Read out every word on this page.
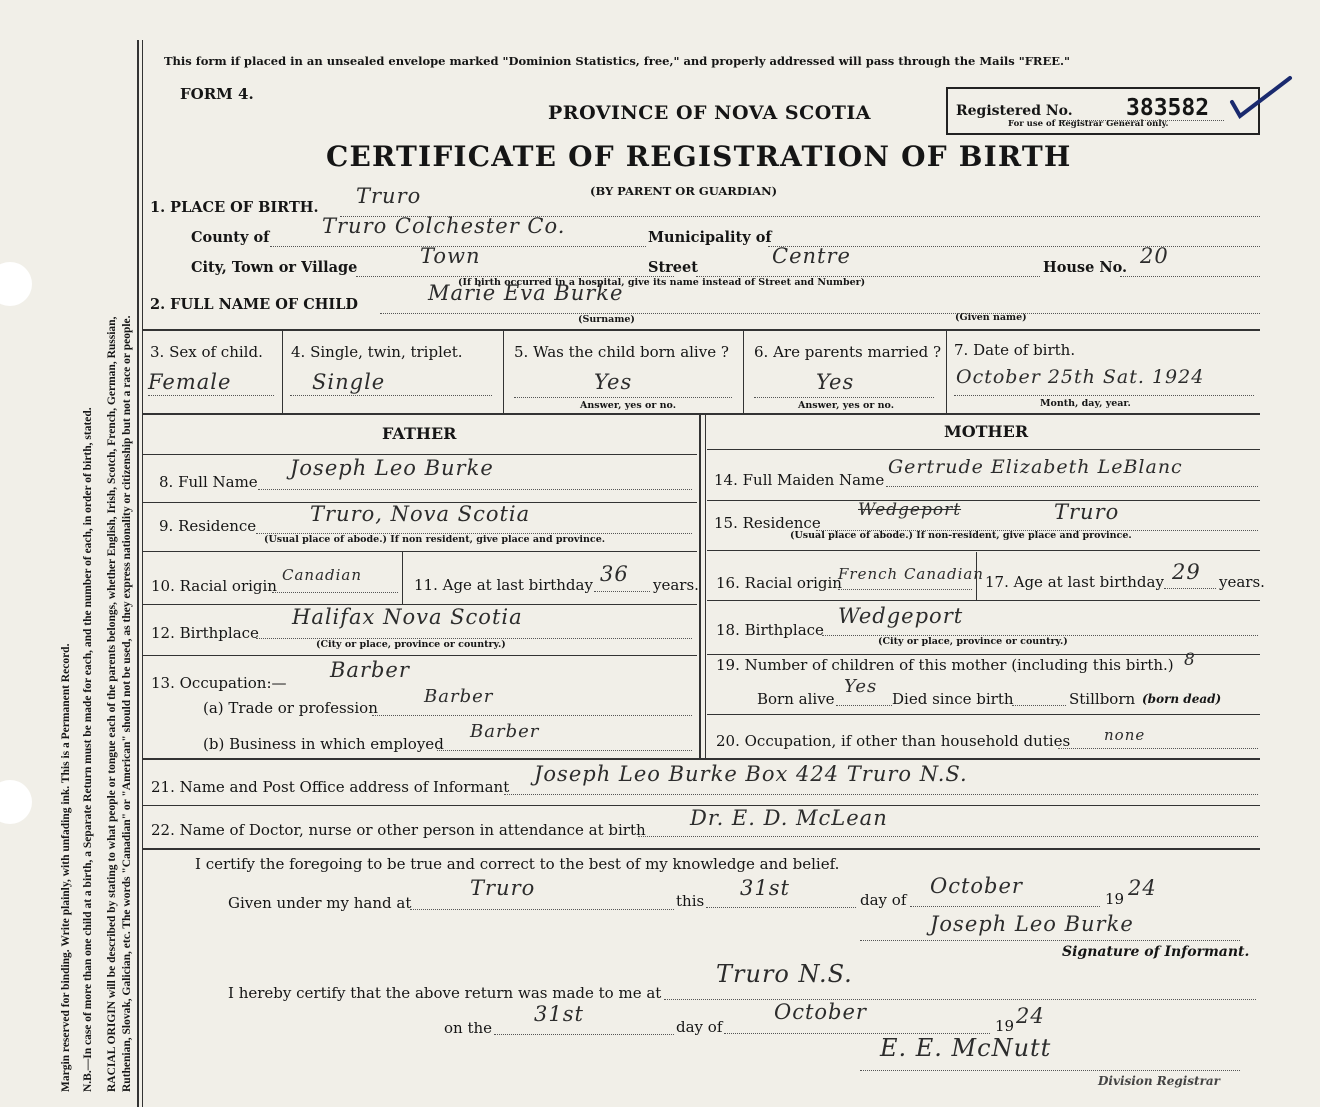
Margin reserved for binding. Write plainly, with unfading ink. This is a Permanent Record. N.B.—In case of more than one child at a birth, a Separate Return must be made for each, and the number of each, in order of birth, stated. RACIAL ORIGIN will be described by stating to what people or tongue each of the parents belongs, whether English, Irish, Scotch, French, German, Russian, Ruthenian, Slovak, Galician, etc. The words "Canadian" or "American" should not be used, as they express nationality or citizenship but not a race or people.
This form if placed in an unsealed envelope marked "Dominion Statistics, free," and properly addressed will pass through the Mails "FREE."
FORM 4.
PROVINCE OF NOVA SCOTIA
CERTIFICATE OF REGISTRATION OF BIRTH
(BY PARENT OR GUARDIAN)
Registered No. 383582
For use of Registrar General only.
1. PLACE OF BIRTH. Truro
County of	Truro Colchester Co.	Municipality of
City, Town or Village	Town	Street	Centre	House No. 20
(If birth occurred in a hospital, give its name instead of Street and Number)
2. FULL NAME OF CHILD	Marie Eva Burke
(Surname)	(Given name)
3. Sex of child.
Female
4. Single, twin, triplet.
Single
5. Was the child born alive ?
Yes
Answer, yes or no.
6. Are parents married ?
Yes
Answer, yes or no.
7. Date of birth.
October 25th Sat. 1924
Month, day, year.
FATHER
8. Full Name
Joseph Leo Burke
9. Residence	Truro, Nova Scotia
(Usual place of abode.) If non resident, give place and province.
10. Racial origin
Canadian
11. Age at last birthday 36 years.
12. Birthplace
Halifax Nova Scotia
(City or place, province or country.)
13. Occupation:—
Barber
(a) Trade or profession
Barber
(b) Business in which employed
Barber
MOTHER
14. Full Maiden Name
Gertrude Elizabeth LeBlanc
15. Residence
Wedgeport	Truro
(Usual place of abode.) If non-resident, give place and province.
16. Racial origin
French Canadian 17. Age at last birthday 29 years.
18. Birthplace
Wedgeport
(City or place, province or country.)
19. Number of children of this mother (including this birth.) 8
Born alive
Yes
Died since birth	Stillborn (born dead)
20. Occupation, if other than household duties none
21. Name and Post Office address of Informant
Joseph Leo Burke Box 424 Truro N.S.
22. Name of Doctor, nurse or other person in attendance at birth Dr. E. D. McLean
I certify the foregoing to be true and correct to the best of my knowledge and belief.
Given under my hand at
Truro
this
31st	day of
October
19 24
Joseph Leo Burke
Signature of Informant.
I hereby certify that the above return was made to me at
Truro N.S.
on the
31st
day of
October
19 24
E. E. McNutt
Division Registrar
